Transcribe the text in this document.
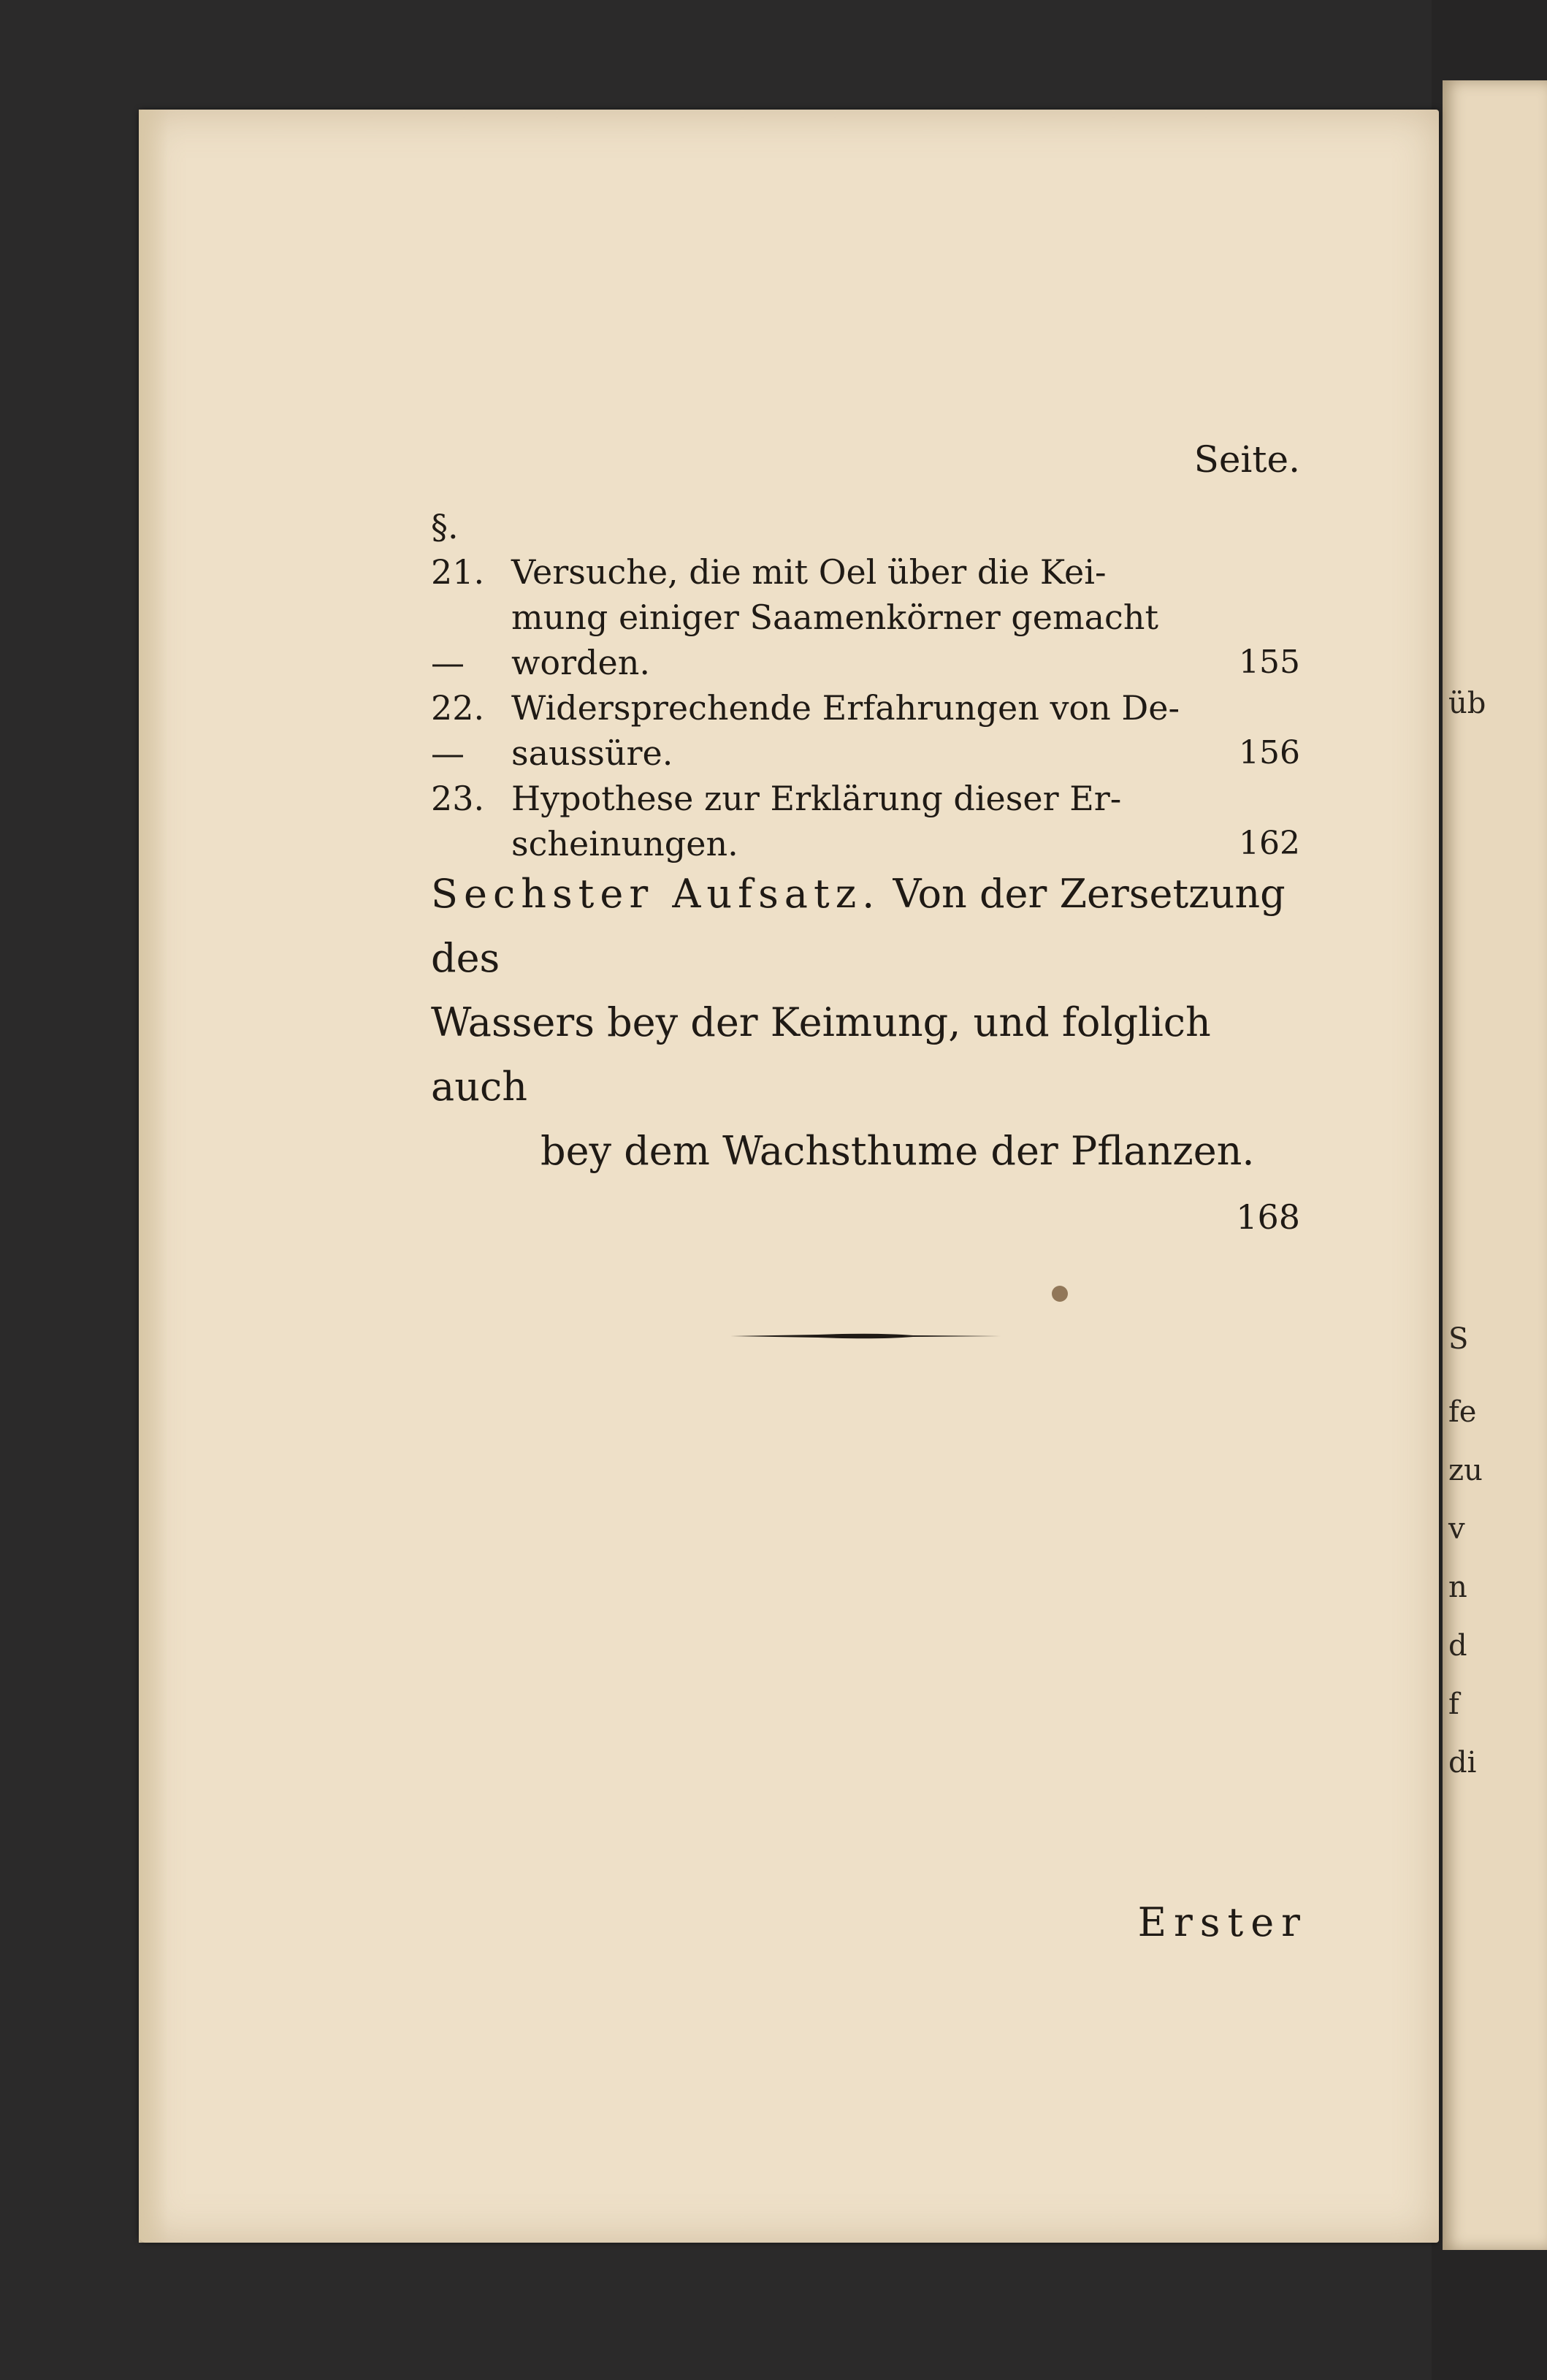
üb
S
fe
zu
v
n
d
f
di
Seite.
§. 21. Versuche, die mit Oel über die Kei-
mung einiger Saamenkörner gemacht
worden.	155
— 22. Widersprechende Erfahrungen von De-
saussüre.	156
— 23. Hypothese zur Erklärung dieser Er-
scheinungen.	162
Sechster Aufsatz. Von der Zersetzung des
Wassers bey der Keimung, und folglich auch
bey dem Wachsthume der Pflanzen.
168
Erster
